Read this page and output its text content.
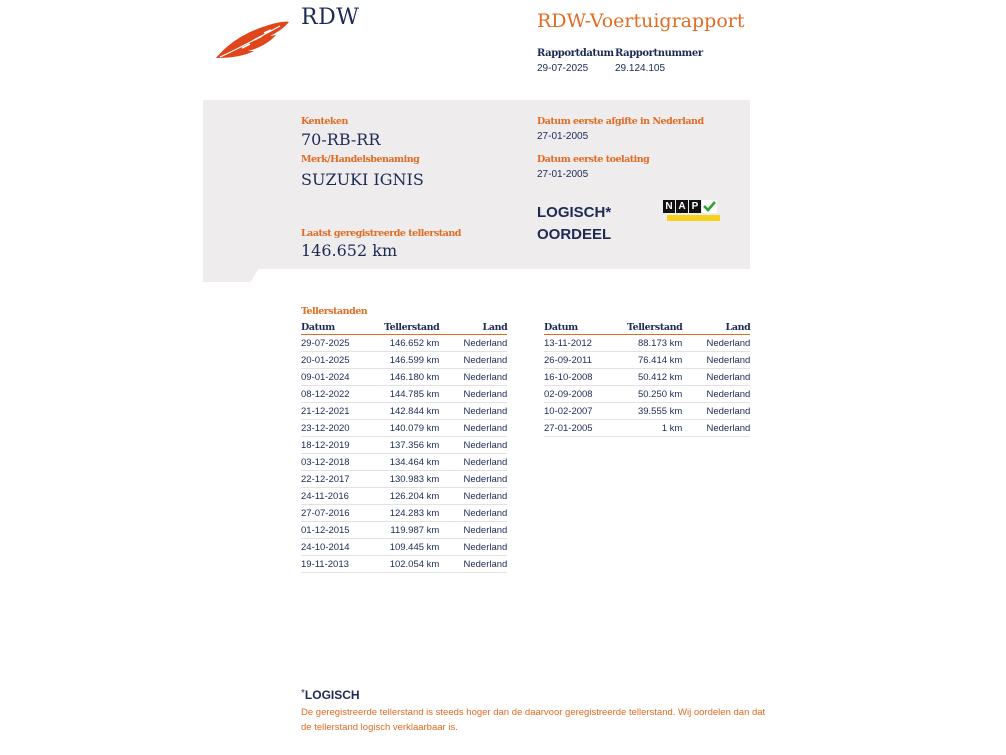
RDW	RDW-Voertuigrapport
Rapportdatum
29-07-2025
Rapportnummer
29.124.105
Kenteken
70-RB-RR
Merk/Handelsbenaming
SUZUKI IGNIS
Laatst geregistreerde tellerstand
146.652 km
Datum eerste afgifte in Nederland
27-01-2005
Datum eerste toelating
27-01-2005
LOGISCH*
OORDEEL
N A P
Tellerstanden
Datum	Tellerstand	Land
29-07-2025	146.652 km	Nederland
20-01-2025	146.599 km	Nederland
09-01-2024	146.180 km	Nederland
08-12-2022	144.785 km	Nederland
21-12-2021	142.844 km	Nederland
23-12-2020	140.079 km	Nederland
18-12-2019	137.356 km	Nederland
03-12-2018	134.464 km	Nederland
22-12-2017	130.983 km	Nederland
24-11-2016	126.204 km	Nederland
27-07-2016	124.283 km	Nederland
01-12-2015	119.987 km	Nederland
24-10-2014	109.445 km	Nederland
19-11-2013	102.054 km	Nederland
Datum	Tellerstand	Land
13-11-2012	88.173 km	Nederland
26-09-2011	76.414 km	Nederland
16-10-2008	50.412 km	Nederland
02-09-2008	50.250 km	Nederland
10-02-2007	39.555 km	Nederland
27-01-2005	1 km	Nederland
*LOGISCH
De geregistreerde tellerstand is steeds hoger dan de daarvoor geregistreerde tellerstand. Wij oordelen dan dat de tellerstand logisch verklaarbaar is.
